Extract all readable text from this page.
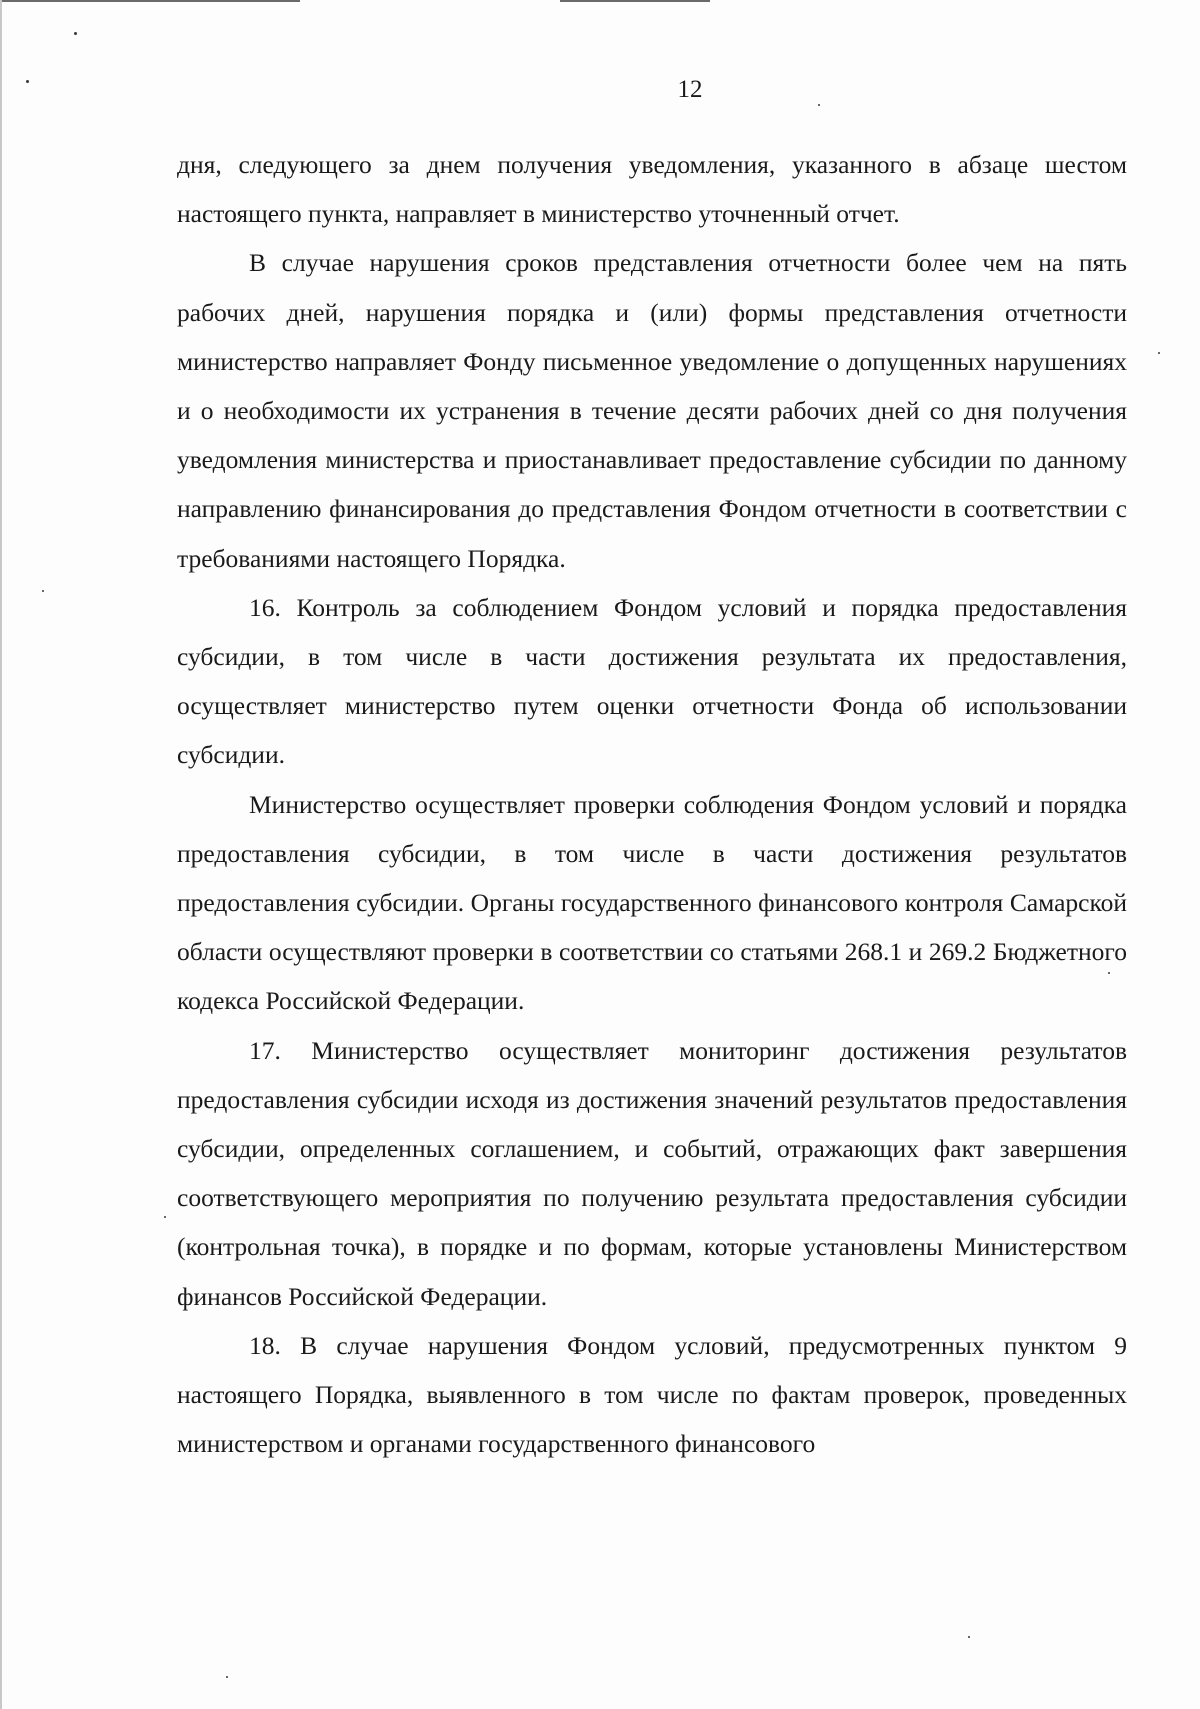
12

дня, следующего за днем получения уведомления, указанного в абзаце шестом настоящего пункта, направляет в министерство уточненный отчет.

В случае нарушения сроков представления отчетности более чем на пять рабочих дней, нарушения порядка и (или) формы представления отчетности министерство направляет Фонду письменное уведомление о допущенных нарушениях и о необходимости их устранения в течение десяти рабочих дней со дня получения уведомления министерства и приостанавливает предоставление субсидии по данному направлению финансирования до представления Фондом отчетности в соответствии с требованиями настоящего Порядка.

16. Контроль за соблюдением Фондом условий и порядка предоставления субсидии, в том числе в части достижения результата их предоставления, осуществляет министерство путем оценки отчетности Фонда об использовании субсидии.

Министерство осуществляет проверки соблюдения Фондом условий и порядка предоставления субсидии, в том числе в части достижения результатов предоставления субсидии. Органы государственного финансового контроля Самарской области осуществляют проверки в соответствии со статьями 268.1 и 269.2 Бюджетного кодекса Российской Федерации.

17. Министерство осуществляет мониторинг достижения результатов предоставления субсидии исходя из достижения значений результатов предоставления субсидии, определенных соглашением, и событий, отражающих факт завершения соответствующего мероприятия по получению результата предоставления субсидии (контрольная точка), в порядке и по формам, которые установлены Министерством финансов Российской Федерации.

18. В случае нарушения Фондом условий, предусмотренных пунктом 9 настоящего Порядка, выявленного в том числе по фактам проверок, проведенных министерством и органами государственного финансового
